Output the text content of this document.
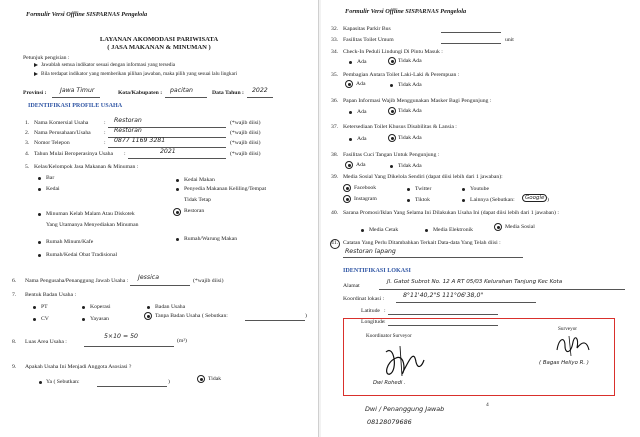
Formulir Versi Offline SISPARNAS Pengelola
LAYANAN AKOMODASI PARIWISATA
( JASA MAKANAN & MINUMAN )
Petunjuk pengisian :
Jawablah semua indikator sesuai dengan informasi yang tersedia
Bila terdapat indikator yang memberikan pilihan jawaban, maka pilih yang sesuai lalu lingkari
Provinsi : Jawa Timur	Kota/Kabupaten : pacitan	Data Tahun : 2022
IDENTIFIKASI PROFILE USAHA
1. Nama Komersial Usaha	: Restoran	(*wajib diisi)
2. Nama Perusahaan/Usaha : Restoran	(*wajib diisi)
3. Nomor Telepon	: 0877 1169 3281	(*wajib diisi)
4. Tahun Mulai Beroperasinya Usaha :	2021	(*wajib diisi)
5. Kelas/Kelompok Jasa Makanan & Minuman :
Bar
Kedai
Minuman Kelab Malam Atau Diskotek
Yang Utamanya Menyediakan Minuman
Rumah Minum/Kafe
Rumah/Kedai Obat Tradisional
Kedai Makan
Penyedia Makanan Keliling/Tempat
Tidak Tetap
Restoran
Rumah/Warung Makan
6. Nama Pengusaha/Penanggung Jawab Usaha : Jessica	(*wajib diisi)
7. Bentuk Badan Usaha :
PT	Koperasi	Badan Usaha
CV	Yayasan	Tanpa Badan Usaha ( Sebutkan:	)
8. Luas Area Usaha :
5×10 = 50
(m²)
9. Apakah Usaha Ini Menjadi Anggota Asosiasi ?
Ya ( Sebutkan:	)	Tidak
Formulir Versi Offline SISPARNAS Pengelola
32. Kapasitas Parkir Bus
33. Fasilitas Toilet Umum	unit
34. Check-In Peduli Lindungi Di Pintu Masuk :
Ada	Tidak Ada
35. Pembagian Antara Toilet Laki-Laki & Perempuan :
Ada	Tidak Ada
36. Papan Informasi Wajib Menggunakan Masker Bagi Pengunjung :
Ada	Tidak Ada
37. Ketersediaan Toilet Khusus Disabilitas & Lansia :
Ada	Tidak Ada
38. Fasilitas Cuci Tangan Untuk Pengunjung :
Ada	Tidak Ada
39. Media Sosial Yang Dikelola Sendiri (dapat diisi lebih dari 1 jawaban):
Facebook	Twitter	Youtube
Instagram	Tiktok	Lainnya (Sebutkan:	Google )
40. Sarana Promosi/Iklan Yang Selama Ini Dilakukan Usaha Ini (dapat diisi lebih dari 1 jawaban) :
Media Cetak	Media Elektronik	Media Sosial
41. Catatan Yang Perlu Ditambahkan Terkait Data-data Yang Telah diisi :
Restoran lapang
IDENTIFIKASI LOKASI
Alamat
Jl. Gatot Subrot No. 12 A RT 05/03 Kelurahan Tanjung Kec Kota
Koordinat lokasi :	8°11'40,2"S 111°06'38,0"
Latitude :
Longitude :
Koordinator Surveyor
Dwi Rohedi .
Surveyor
( Bagas Heliyo R. )
4
Dwi / Penanggung Jawab
08128079686
